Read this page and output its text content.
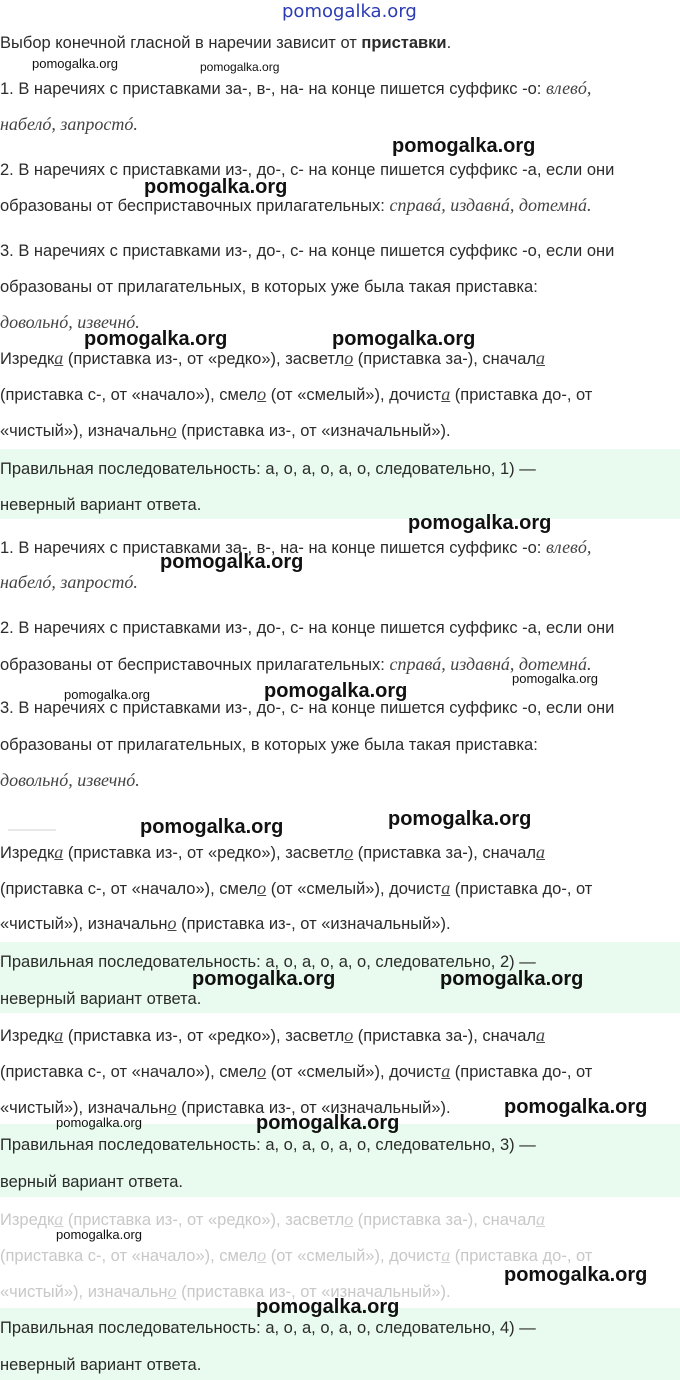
pomogalka.org
Выбор конечной гласной в наречии зависит от приставки.
1. В наречиях с приставками за-, в-, на- на конце пишется суффикс -о: влевó,
набелó, запростó.
2. В наречиях с приставками из-, до-, с- на конце пишется суффикс -а, если они
образованы от бесприставочных прилагательных: справá, издавнá, дотемнá.
3. В наречиях с приставками из-, до-, с- на конце пишется суффикс -о, если они
образованы от прилагательных, в которых уже была такая приставка:
довольнó, извечнó.
Изредка (приставка из-, от «редко»), засветло (приставка за-), сначала
(приставка с-, от «начало»), смело (от «смелый»), дочиста (приставка до-, от
«чистый»), изначально (приставка из-, от «изначальный»).
Правильная последовательность: а, о, а, о, а, о, следовательно, 1) —
неверный вариант ответа.
1. В наречиях с приставками за-, в-, на- на конце пишется суффикс -о: влевó,
набелó, запростó.
2. В наречиях с приставками из-, до-, с- на конце пишется суффикс -а, если они
образованы от бесприставочных прилагательных: справá, издавнá, дотемнá.
3. В наречиях с приставками из-, до-, с- на конце пишется суффикс -о, если они
образованы от прилагательных, в которых уже была такая приставка:
довольнó, извечнó.
Изредка (приставка из-, от «редко»), засветло (приставка за-), сначала
(приставка с-, от «начало»), смело (от «смелый»), дочиста (приставка до-, от
«чистый»), изначально (приставка из-, от «изначальный»).
Правильная последовательность: а, о, а, о, а, о, следовательно, 2) —
неверный вариант ответа.
Изредка (приставка из-, от «редко»), засветло (приставка за-), сначала
(приставка с-, от «начало»), смело (от «смелый»), дочиста (приставка до-, от
«чистый»), изначально (приставка из-, от «изначальный»).
Правильная последовательность: а, о, а, о, а, о, следовательно, 3) —
верный вариант ответа.
Изредка (приставка из-, от «редко»), засветло (приставка за-), сначала
(приставка с-, от «начало»), смело (от «смелый»), дочиста (приставка до-, от
«чистый»), изначально (приставка из-, от «изначальный»).
Правильная последовательность: а, о, а, о, а, о, следовательно, 4) —
неверный вариант ответа.
pomogalka.org	pomogalka.org
pomogalka.org
pomogalka.org
pomogalka.org	pomogalka.org
pomogalka.org
pomogalka.org
pomogalka.org
pomogalka.org
pomogalka.org
pomogalka.org
pomogalka.org
pomogalka.org	pomogalka.org
pomogalka.org
pomogalka.org	pomogalka.org
pomogalka.org
pomogalka.org
pomogalka.org
